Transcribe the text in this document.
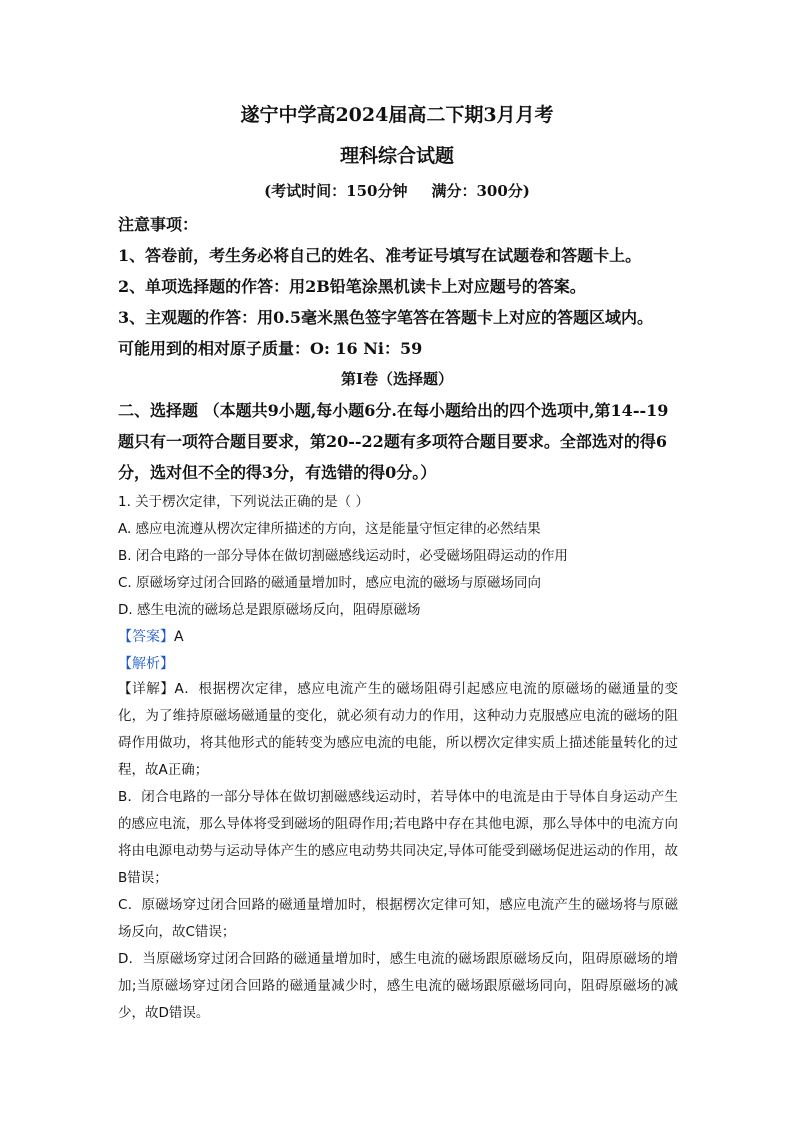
遂宁中学高2024届高二下期3月月考
理科综合试题
(考试时间：150分钟 满分：300分)
注意事项：
1、答卷前，考生务必将自己的姓名、准考证号填写在试题卷和答题卡上。
2、单项选择题的作答：用2B铅笔涂黑机读卡上对应题号的答案。
3、主观题的作答：用0.5毫米黑色签字笔答在答题卡上对应的答题区域内。
可能用到的相对原子质量：O: 16 Ni：59
第I卷（选择题）
二、选择题 （本题共9小题,每小题6分.在每小题给出的四个选项中,第14--19
题只有一项符合题目要求，第20--22题有多项符合题目要求。全部选对的得6
分，选对但不全的得3分，有选错的得0分。）
1. 关于楞次定律，下列说法正确的是（ ）
A. 感应电流遵从楞次定律所描述的方向，这是能量守恒定律的必然结果
B. 闭合电路的一部分导体在做切割磁感线运动时，必受磁场阻碍运动的作用
C. 原磁场穿过闭合回路的磁通量增加时，感应电流的磁场与原磁场同向
D. 感生电流的磁场总是跟原磁场反向，阻碍原磁场
【答案】A
【解析】

【详解】A．根据楞次定律，感应电流产生的磁场阻碍引起感应电流的原磁场的磁通量的变化，为了维持原磁场磁通量的变化，就必须有动力的作用，这种动力克服感应电流的磁场的阻碍作用做功，将其他形式的能转变为感应电流的电能，所以楞次定律实质上描述能量转化的过程，故A正确；

B．闭合电路的一部分导体在做切割磁感线运动时，若导体中的电流是由于导体自身运动产生的感应电流，那么导体将受到磁场的阻碍作用;若电路中存在其他电源，那么导体中的电流方向将由电源电动势与运动导体产生的感应电动势共同决定,导体可能受到磁场促进运动的作用，故B错误；

C．原磁场穿过闭合回路的磁通量增加时，根据楞次定律可知，感应电流产生的磁场将与原磁场反向，故C错误；

D．当原磁场穿过闭合回路的磁通量增加时，感生电流的磁场跟原磁场反向，阻碍原磁场的增加;当原磁场穿过闭合回路的磁通量减少时，感生电流的磁场跟原磁场同向，阻碍原磁场的减少，故D错误。
